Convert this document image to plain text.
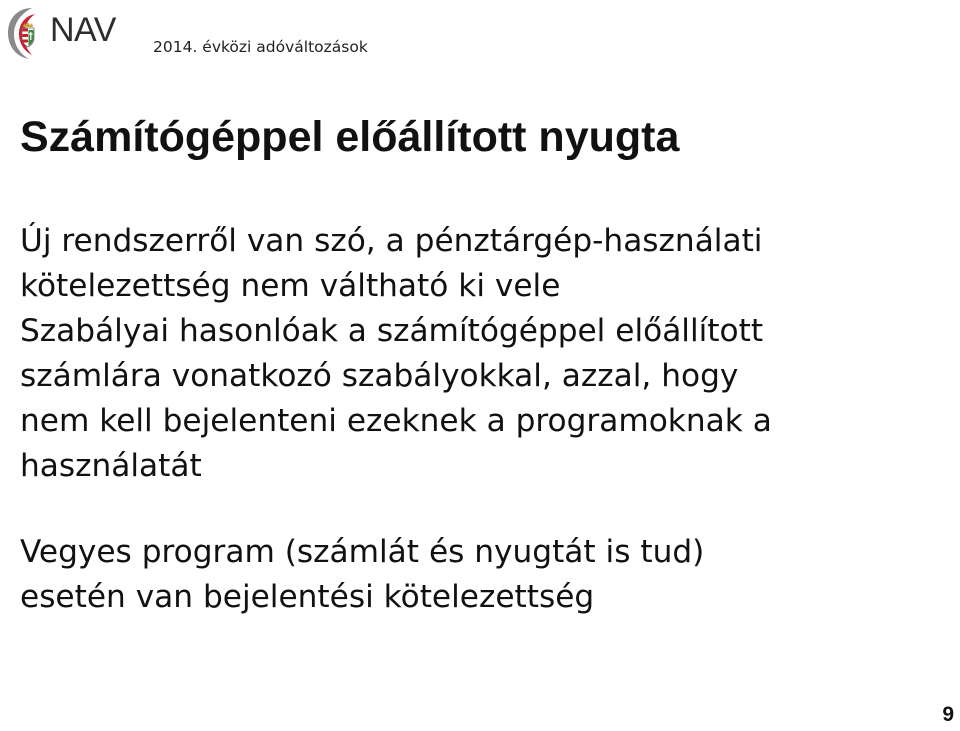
NAV 2014. évközi adóváltozások
Számítógéppel előállított nyugta
Új rendszerről van szó, a pénztárgép-használati
kötelezettség nem váltható ki vele
Szabályai hasonlóak a számítógéppel előállított
számlára vonatkozó szabályokkal, azzal, hogy
nem kell bejelenteni ezeknek a programoknak a
használatát
Vegyes program (számlát és nyugtát is tud)
esetén van bejelentési kötelezettség
9
